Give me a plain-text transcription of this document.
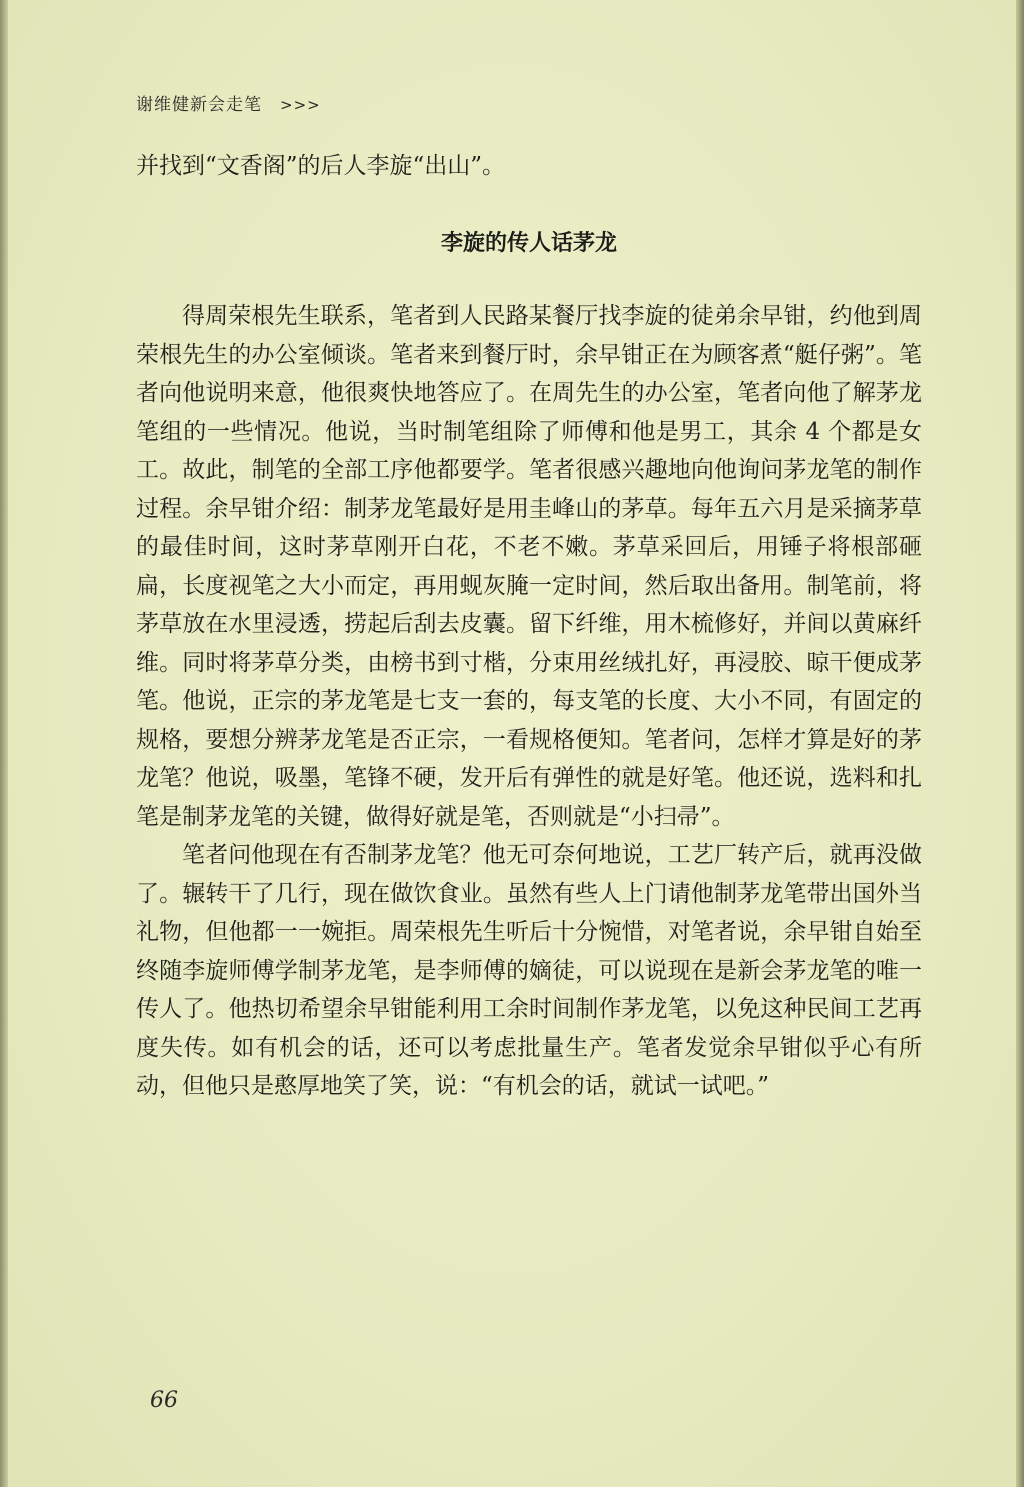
谢维健新会走笔 >>>
并找到“文香阁”的后人李旋“出山”。
李旋的传人话茅龙

得周荣根先生联系，笔者到人民路某餐厅找李旋的徒弟余早钳，约他到周荣根先生的办公室倾谈。笔者来到餐厅时，余早钳正在为顾客煮“艇仔粥”。笔者向他说明来意，他很爽快地答应了。在周先生的办公室，笔者向他了解茅龙笔组的一些情况。他说，当时制笔组除了师傅和他是男工，其余 4 个都是女工。故此，制笔的全部工序他都要学。笔者很感兴趣地向他询问茅龙笔的制作过程。余早钳介绍：制茅龙笔最好是用圭峰山的茅草。每年五六月是采摘茅草的最佳时间，这时茅草刚开白花，不老不嫩。茅草采回后，用锤子将根部砸扁，长度视笔之大小而定，再用蚬灰腌一定时间，然后取出备用。制笔前，将茅草放在水里浸透，捞起后刮去皮囊。留下纤维，用木梳修好，并间以黄麻纤维。同时将茅草分类，由榜书到寸楷，分束用丝绒扎好，再浸胶、晾干便成茅笔。他说，正宗的茅龙笔是七支一套的，每支笔的长度、大小不同，有固定的规格，要想分辨茅龙笔是否正宗，一看规格便知。笔者问，怎样才算是好的茅龙笔？他说，吸墨，笔锋不硬，发开后有弹性的就是好笔。他还说，选料和扎笔是制茅龙笔的关键，做得好就是笔，否则就是“小扫帚”。

笔者问他现在有否制茅龙笔？他无可奈何地说，工艺厂转产后，就再没做了。辗转干了几行，现在做饮食业。虽然有些人上门请他制茅龙笔带出国外当礼物，但他都一一婉拒。周荣根先生听后十分惋惜，对笔者说，余早钳自始至终随李旋师傅学制茅龙笔，是李师傅的嫡徒，可以说现在是新会茅龙笔的唯一传人了。他热切希望余早钳能利用工余时间制作茅龙笔，以免这种民间工艺再度失传。如有机会的话，还可以考虑批量生产。笔者发觉余早钳似乎心有所动，但他只是憨厚地笑了笑，说：“有机会的话，就试一试吧。”

66
